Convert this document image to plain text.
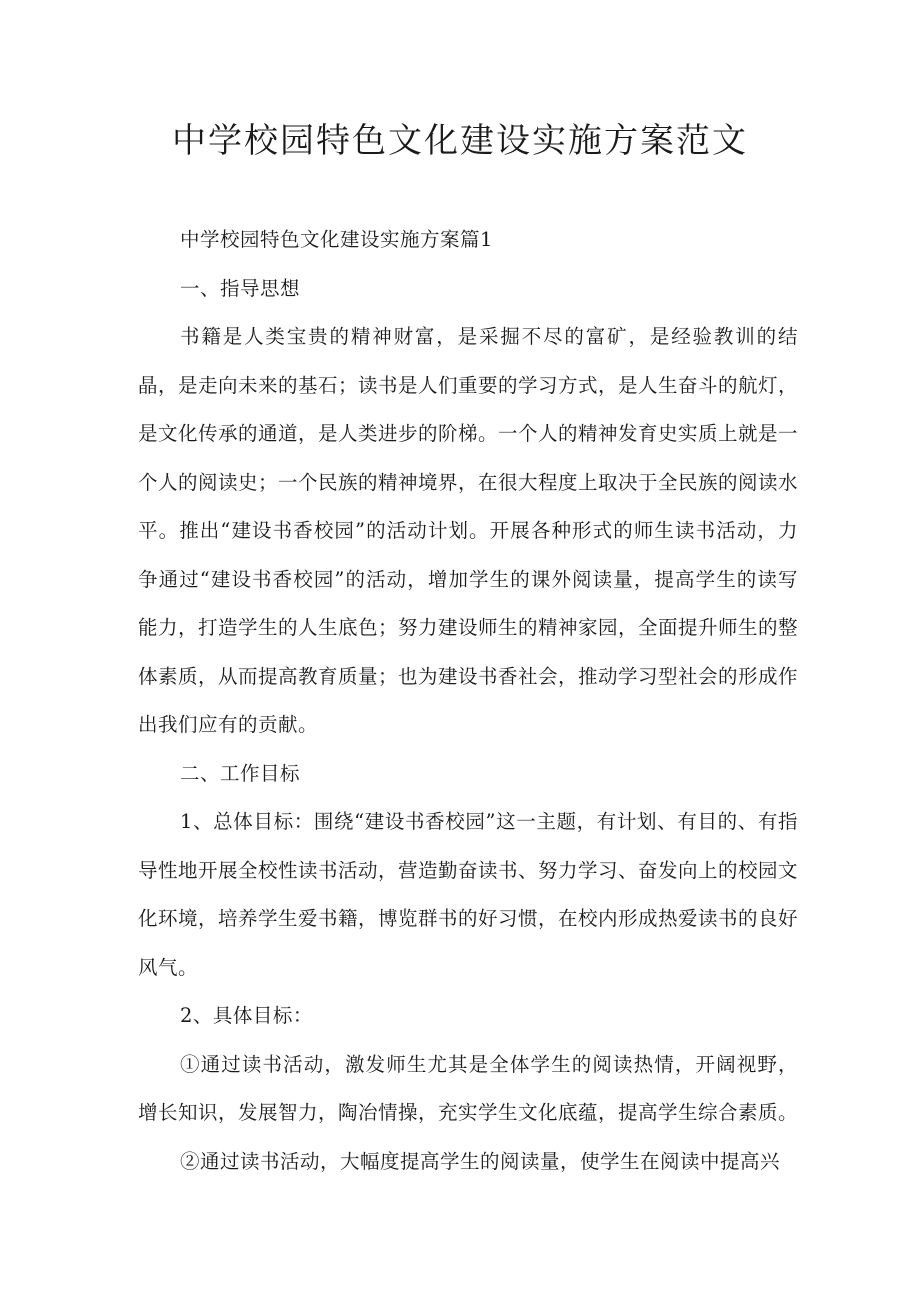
中学校园特色文化建设实施方案范文

中学校园特色文化建设实施方案篇1

一、指导思想

书籍是人类宝贵的精神财富，是采掘不尽的富矿，是经验教训的结晶，是走向未来的基石；读书是人们重要的学习方式，是人生奋斗的航灯，是文化传承的通道，是人类进步的阶梯。一个人的精神发育史实质上就是一个人的阅读史；一个民族的精神境界，在很大程度上取决于全民族的阅读水平。推出“建设书香校园”的活动计划。开展各种形式的师生读书活动，力争通过“建设书香校园”的活动，增加学生的课外阅读量，提高学生的读写能力，打造学生的人生底色；努力建设师生的精神家园，全面提升师生的整体素质，从而提高教育质量；也为建设书香社会，推动学习型社会的形成作出我们应有的贡献。

二、工作目标

1、总体目标：围绕“建设书香校园”这一主题，有计划、有目的、有指导性地开展全校性读书活动，营造勤奋读书、努力学习、奋发向上的校园文化环境，培养学生爱书籍，博览群书的好习惯，在校内形成热爱读书的良好风气。

2、具体目标：

①通过读书活动，激发师生尤其是全体学生的阅读热情，开阔视野，增长知识，发展智力，陶冶情操，充实学生文化底蕴，提高学生综合素质。

②通过读书活动，大幅度提高学生的阅读量，使学生在阅读中提高兴
